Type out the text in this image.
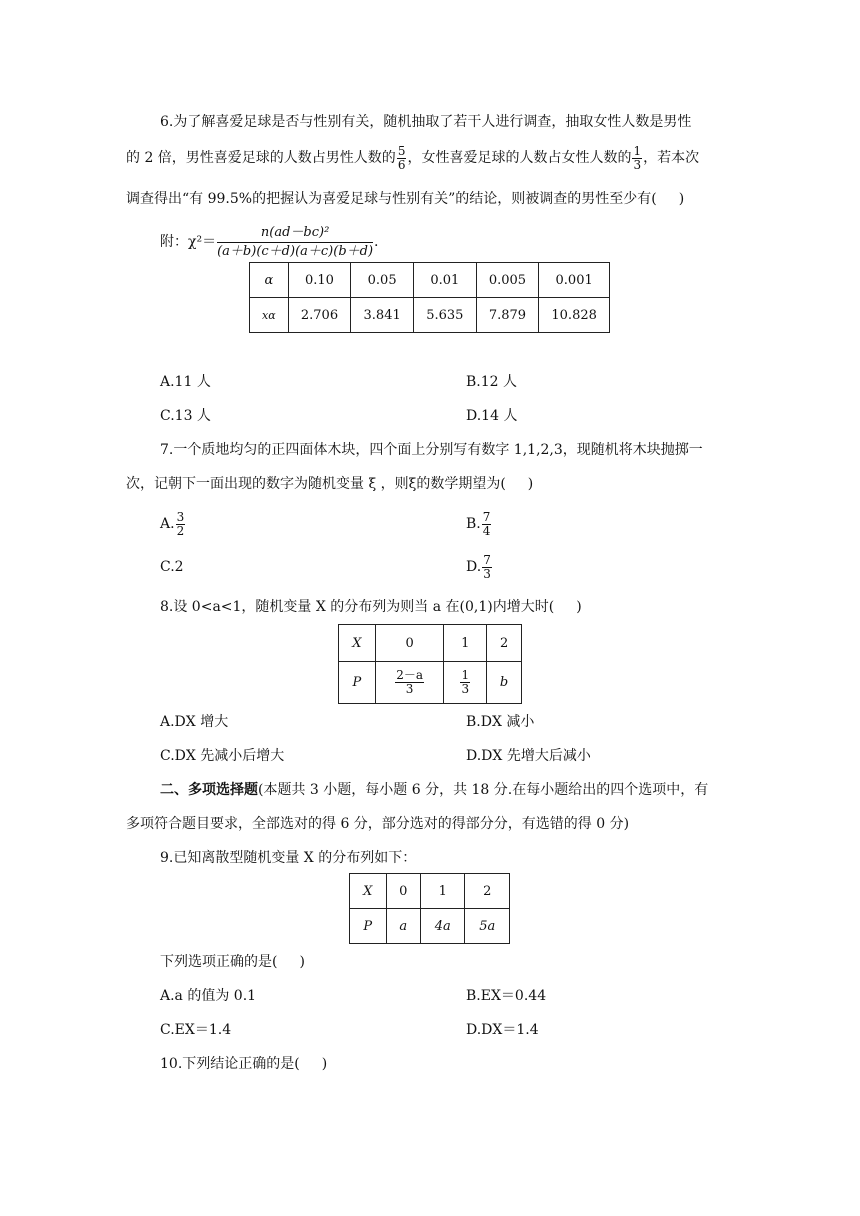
6.为了解喜爱足球是否与性别有关，随机抽取了若干人进行调查，抽取女性人数是男性
的 2 倍，男性喜爱足球的人数占男性人数的 $\frac{5}{6}$ ，女性喜爱足球的人数占女性人数的 $\frac{1}{3}$ ，若本次
调查得出“有 99.5%的把握认为喜爱足球与性别有关”的结论，则被调查的男性至少有( )
附：$\chi^2= \frac{\text{n(ad－bc)²}}{(a+b)(c+d)(a+c)(b+d)}$ .
α	0.10	0.05	0.01	0.005	0.001
xα	2.706	3.841	5.635	7.879	10.828
A.11 人	B.12 人
C.13 人	D.14 人
7.一个质地均匀的正四面体木块，四个面上分别写有数字 1,1,2,3，现随机将木块抛掷一
次，记朝下一面出现的数字为随机变量 ξ ，则ξ的数学期望为( )
A. $\frac{3}{2}$	B. $\frac{7}{4}$
C.2	D. $\frac{7}{3}$
8.设 0<a<1，随机变量 X 的分布列为则当 a 在(0,1)内增大时( )
X	0	1	2
P	$\frac{2-a}{3}$	$\frac{1}{3}$	b
A.DX 增大	B.DX 减小
C.DX 先减小后增大	D.DX 先增大后减小
二、多项选择题(本题共 3 小题，每小题 6 分，共 18 分.在每小题给出的四个选项中，有
多项符合题目要求，全部选对的得 6 分，部分选对的得部分分，有选错的得 0 分)
9.已知离散型随机变量 X 的分布列如下：
X	0	1	2
P	a	4a	5a
下列选项正确的是( )
A.a 的值为 0.1	B.EX＝0.44
C.EX＝1.4	D.DX＝1.4
10.下列结论正确的是( )
